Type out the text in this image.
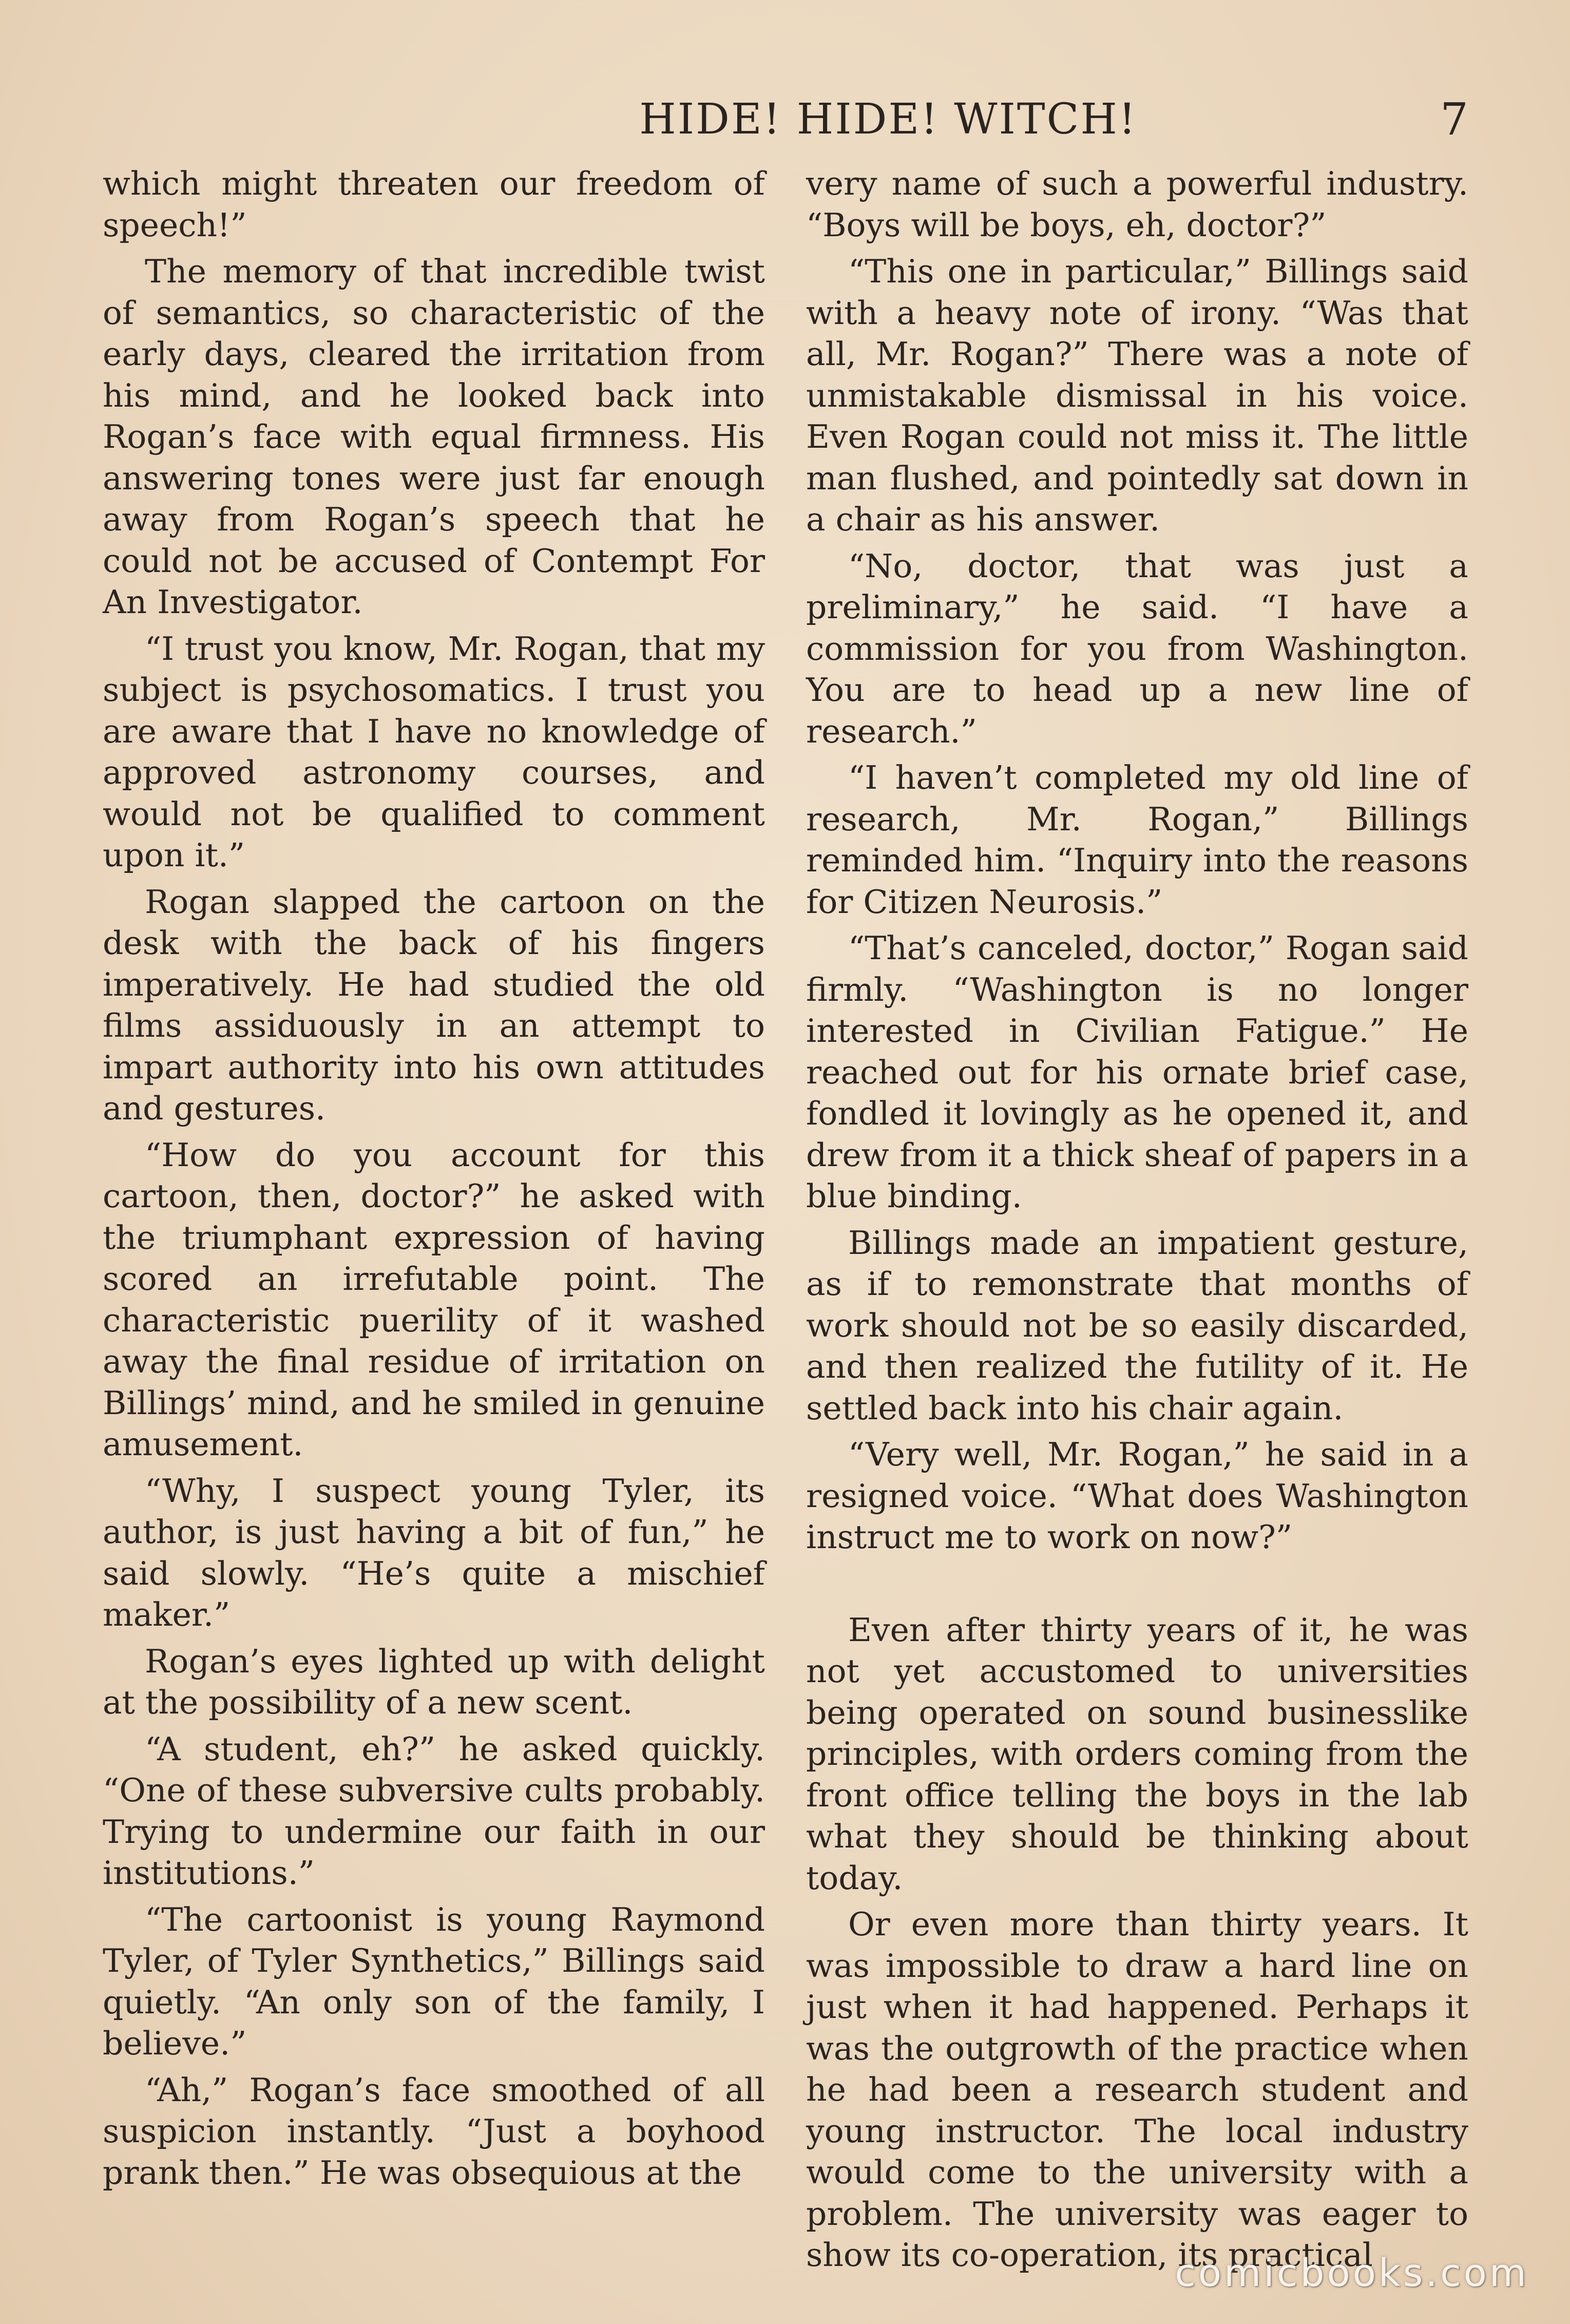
HIDE! HIDE! WITCH!	7

which might threaten our freedom of speech!”

The memory of that incredible twist of semantics, so characteristic of the early days, cleared the irritation from his mind, and he looked back into Rogan’s face with equal firmness. His answering tones were just far enough away from Rogan’s speech that he could not be accused of Contempt For An Investigator.

“I trust you know, Mr. Rogan, that my subject is psychosomatics. I trust you are aware that I have no knowledge of approved astronomy courses, and would not be qualified to comment upon it.”

Rogan slapped the cartoon on the desk with the back of his fingers imperatively. He had studied the old films assiduously in an attempt to impart authority into his own attitudes and gestures.

“How do you account for this cartoon, then, doctor?” he asked with the triumphant expression of having scored an irrefutable point. The characteristic puerility of it washed away the final residue of irritation on Billings’ mind, and he smiled in genuine amusement.

“Why, I suspect young Tyler, its author, is just having a bit of fun,” he said slowly. “He’s quite a mischief maker.”

Rogan’s eyes lighted up with delight at the possibility of a new scent.

“A student, eh?” he asked quickly. “One of these subversive cults probably. Trying to undermine our faith in our institutions.”

“The cartoonist is young Raymond Tyler, of Tyler Synthetics,” Billings said quietly. “An only son of the family, I believe.”

“Ah,” Rogan’s face smoothed of all suspicion instantly. “Just a boyhood prank then.” He was obsequious at the

very name of such a powerful industry. “Boys will be boys, eh, doctor?”

“This one in particular,” Billings said with a heavy note of irony. “Was that all, Mr. Rogan?” There was a note of unmistakable dismissal in his voice. Even Rogan could not miss it. The little man flushed, and pointedly sat down in a chair as his answer.

“No, doctor, that was just a preliminary,” he said. “I have a commission for you from Washington. You are to head up a new line of research.”

“I haven’t completed my old line of research, Mr. Rogan,” Billings reminded him. “Inquiry into the reasons for Citizen Neurosis.”

“That’s canceled, doctor,” Rogan said firmly. “Washington is no longer interested in Civilian Fatigue.” He reached out for his ornate brief case, fondled it lovingly as he opened it, and drew from it a thick sheaf of papers in a blue binding.

Billings made an impatient gesture, as if to remonstrate that months of work should not be so easily discarded, and then realized the futility of it. He settled back into his chair again.

“Very well, Mr. Rogan,” he said in a resigned voice. “What does Washington instruct me to work on now?”

Even after thirty years of it, he was not yet accustomed to universities being operated on sound businesslike principles, with orders coming from the front office telling the boys in the lab what they should be thinking about today.

Or even more than thirty years. It was impossible to draw a hard line on just when it had happened. Perhaps it was the outgrowth of the practice when he had been a research student and young instructor. The local industry would come to the university with a problem. The university was eager to show its co-operation, its practical

comicbooks.com
